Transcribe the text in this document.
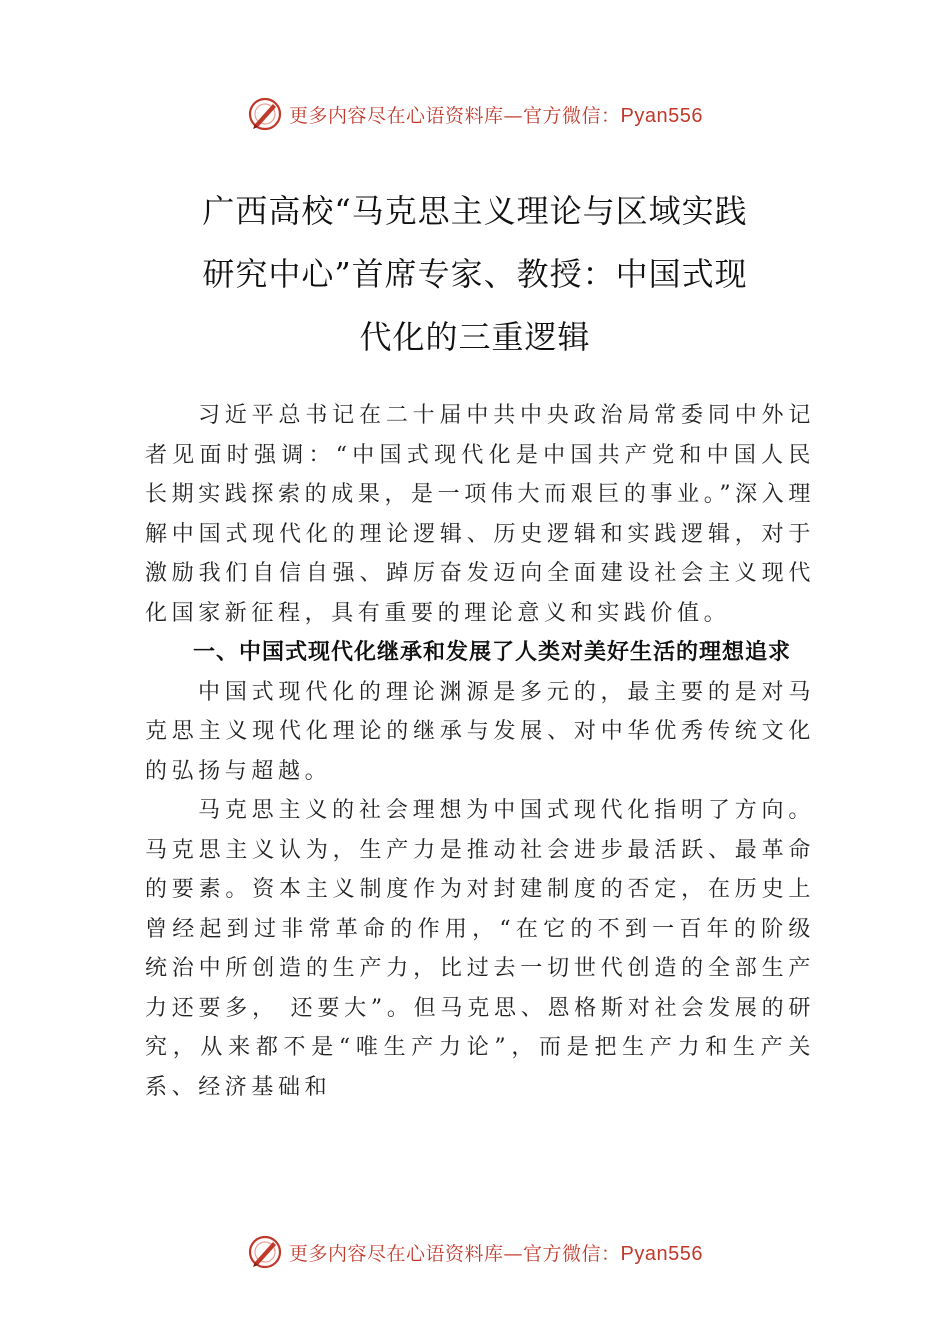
更多内容尽在心语资料库—官方微信：Pyan556
广西高校“马克思主义理论与区域实践
研究中心”首席专家、教授：中国式现
代化的三重逻辑

习近平总书记在二十届中共中央政治局常委同中外记者见面时强调：“中国式现代化是中国共产党和中国人民长期实践探索的成果，是一项伟大而艰巨的事业。”深入理解中国式现代化的理论逻辑、历史逻辑和实践逻辑，对于激励我们自信自强、踔厉奋发迈向全面建设社会主义现代化国家新征程，具有重要的理论意义和实践价值。

一、中国式现代化继承和发展了人类对美好生活的理想追求

中国式现代化的理论渊源是多元的，最主要的是对马克思主义现代化理论的继承与发展、对中华优秀传统文化的弘扬与超越。

马克思主义的社会理想为中国式现代化指明了方向。马克思主义认为，生产力是推动社会进步最活跃、最革命的要素。资本主义制度作为对封建制度的否定，在历史上曾经起到过非常革命的作用，“在它的不到一百年的阶级统治中所创造的生产力，比过去一切世代创造的全部生产力还要多， 还要大”。但马克思、恩格斯对社会发展的研究，从来都不是“唯生产力论”，而是把生产力和生产关系、经济基础和

更多内容尽在心语资料库—官方微信：Pyan556
